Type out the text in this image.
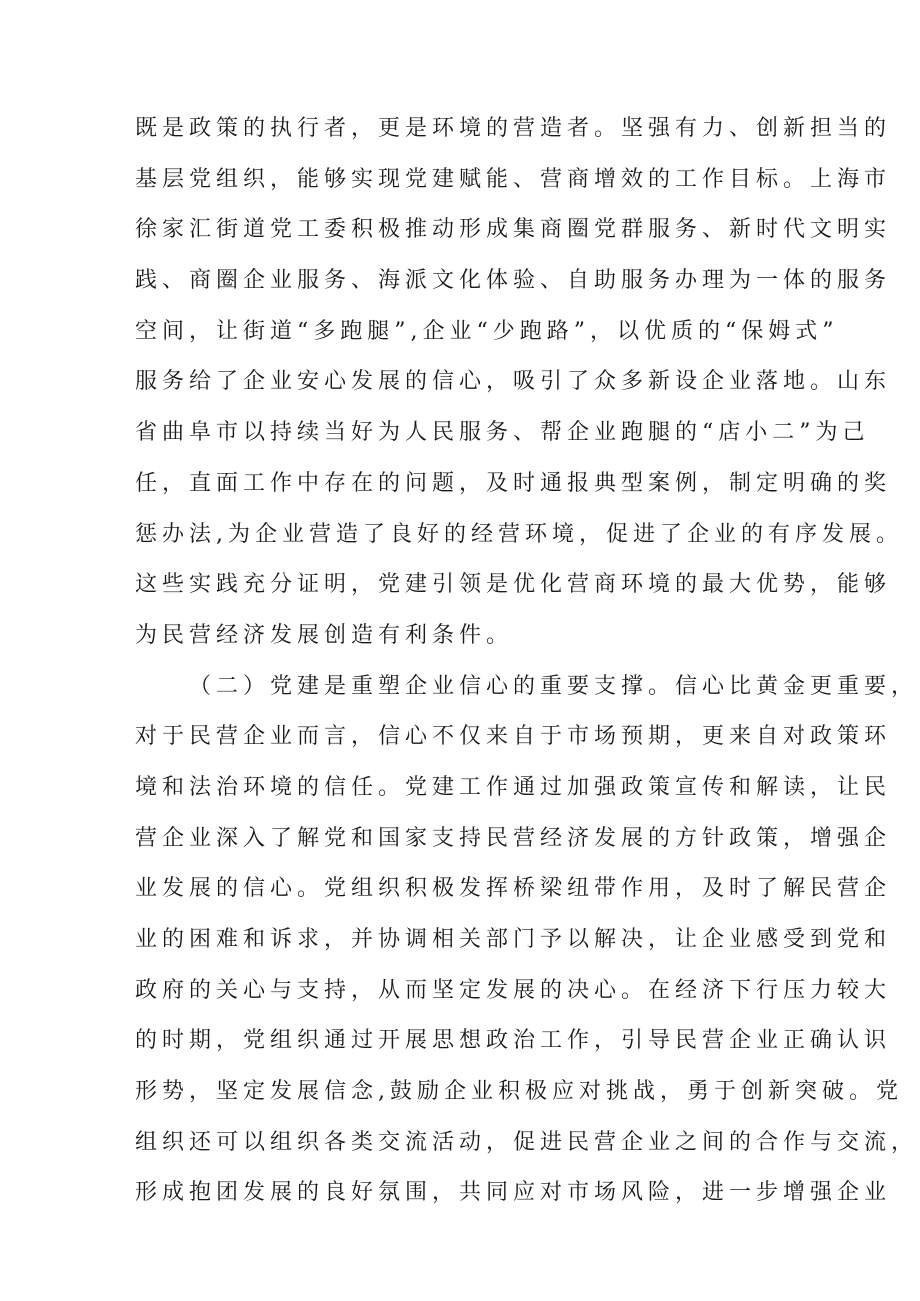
既是政策的执行者，更是环境的营造者。坚强有力、创新担当的
基层党组织，能够实现党建赋能、营商增效的工作目标。上海市
徐家汇街道党工委积极推动形成集商圈党群服务、新时代文明实
践、商圈企业服务、海派文化体验、自助服务办理为一体的服务
空间，让街道“多跑腿”,企业“少跑路”，以优质的“保姆式”
服务给了企业安心发展的信心，吸引了众多新设企业落地。山东
省曲阜市以持续当好为人民服务、帮企业跑腿的“店小二”为己
任，直面工作中存在的问题，及时通报典型案例，制定明确的奖
惩办法,为企业营造了良好的经营环境，促进了企业的有序发展。
这些实践充分证明，党建引领是优化营商环境的最大优势，能够
为民营经济发展创造有利条件。
（二）党建是重塑企业信心的重要支撑。信心比黄金更重要，
对于民营企业而言，信心不仅来自于市场预期，更来自对政策环
境和法治环境的信任。党建工作通过加强政策宣传和解读，让民
营企业深入了解党和国家支持民营经济发展的方针政策，增强企
业发展的信心。党组织积极发挥桥梁纽带作用，及时了解民营企
业的困难和诉求，并协调相关部门予以解决，让企业感受到党和
政府的关心与支持，从而坚定发展的决心。在经济下行压力较大
的时期，党组织通过开展思想政治工作，引导民营企业正确认识
形势，坚定发展信念,鼓励企业积极应对挑战，勇于创新突破。党
组织还可以组织各类交流活动，促进民营企业之间的合作与交流，
形成抱团发展的良好氛围，共同应对市场风险，进一步增强企业
